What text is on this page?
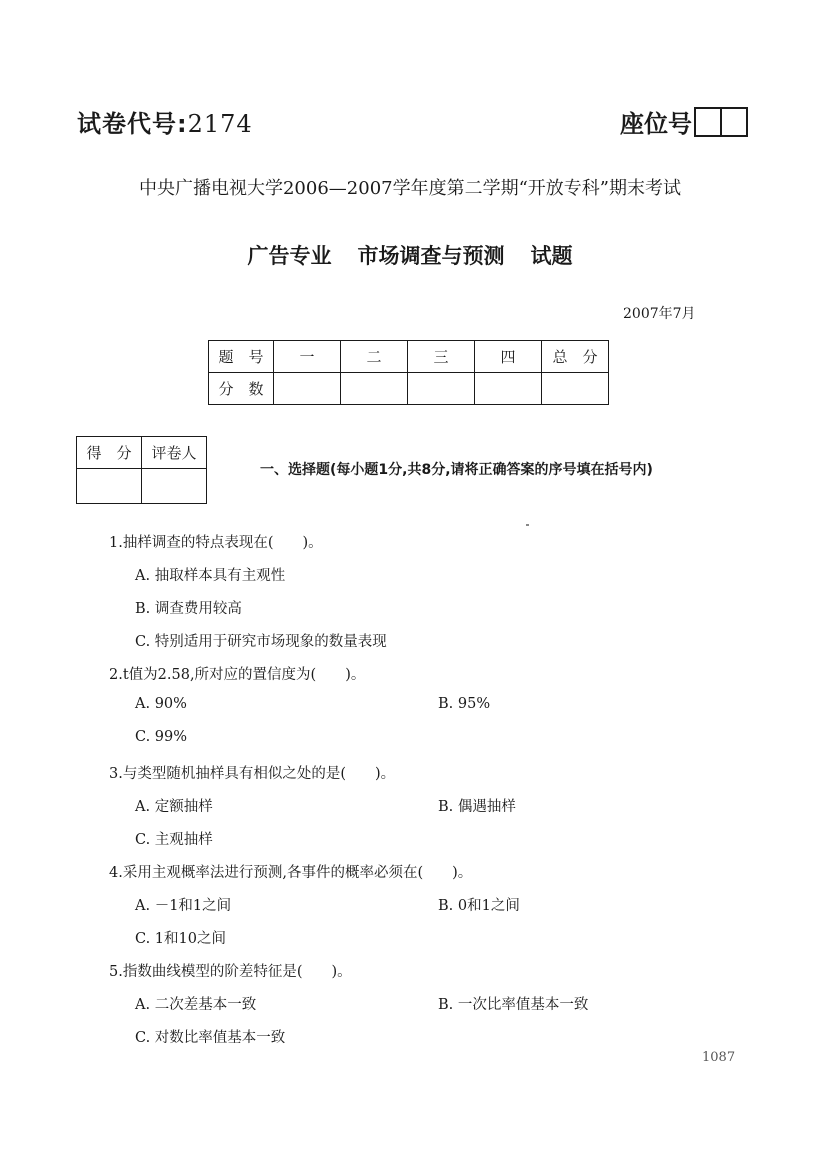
试卷代号:2174	座位号
中央广播电视大学2006—2007学年度第二学期“开放专科”期末考试
广告专业 市场调查与预测 试题
2007年7月
题　号	一	二	三	四	总　分
分　数					
得　分	评卷人

一、选择题(每小题1分,共8分,请将正确答案的序号填在括号内)
1.抽样调查的特点表现在(　　)。
A. 抽取样本具有主观性
B. 调查费用较高
C. 特别适用于研究市场现象的数量表现
2.t值为2.58,所对应的置信度为(　　)。
A. 90%	B. 95%
C. 99%
3.与类型随机抽样具有相似之处的是(　　)。
A. 定额抽样	B. 偶遇抽样
C. 主观抽样
4.采用主观概率法进行预测,各事件的概率必须在(　　)。
A. －1和1之间	B. 0和1之间
C. 1和10之间
5.指数曲线模型的阶差特征是(　　)。
A. 二次差基本一致	B. 一次比率值基本一致
C. 对数比率值基本一致
1087
